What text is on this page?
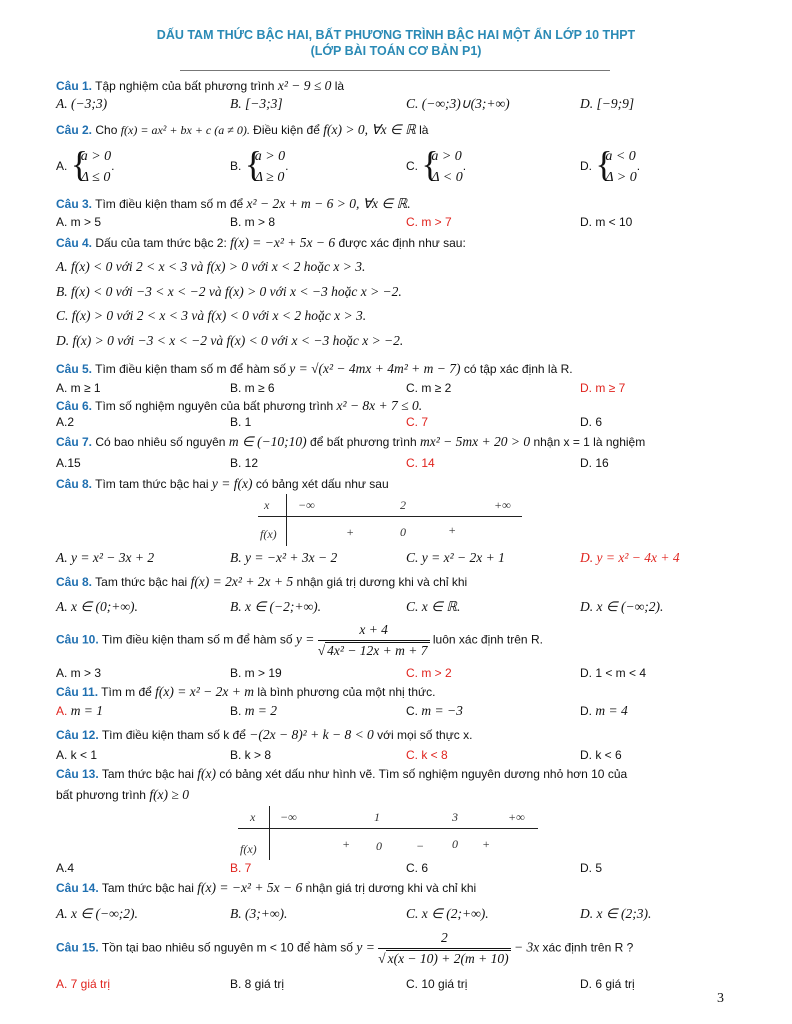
DẤU TAM THỨC BẬC HAI, BẤT PHƯƠNG TRÌNH BẬC HAI MỘT ẨN LỚP 10 THPT
(LỚP BÀI TOÁN CƠ BẢN P1)
Câu 1. Tập nghiệm của bất phương trình x² − 9 ≤ 0 là
A. (−3;3)	B. [−3;3]	C. (−∞;3)∪(3;+∞)	D. [−9;9]
Câu 2. Cho f(x) = ax² + bx + c (a ≠ 0). Điều kiện để f(x) > 0, ∀x ∈ ℝ là
A.
{ a > 0
Δ ≤ 0
.	B.
{ a > 0
Δ ≥ 0
.	C.
{ a > 0
Δ < 0
.	D.
{ a < 0
Δ > 0
.
Câu 3. Tìm điều kiện tham số m để x² − 2x + m − 6 > 0, ∀x ∈ ℝ.
A. m > 5	B. m > 8	C. m > 7	D. m < 10
Câu 4. Dấu của tam thức bậc 2: f(x) = −x² + 5x − 6 được xác định như sau:
A. f(x) < 0 với 2 < x < 3 và f(x) > 0 với x < 2 hoặc x > 3.
B. f(x) < 0 với −3 < x < −2 và f(x) > 0 với x < −3 hoặc x > −2.
C. f(x) > 0 với 2 < x < 3 và f(x) < 0 với x < 2 hoặc x > 3.
D. f(x) > 0 với −3 < x < −2 và f(x) < 0 với x < −3 hoặc x > −2.
Câu 5. Tìm điều kiện tham số m để hàm số y = √(x² − 4mx + 4m² + m − 7) có tập xác định là R.
A. m ≥ 1	B. m ≥ 6	C. m ≥ 2	D. m ≥ 7
Câu 6. Tìm số nghiệm nguyên của bất phương trình x² − 8x + 7 ≤ 0.
A.2	B. 1	C. 7	D. 6
Câu 7. Có bao nhiêu số nguyên m ∈ (−10;10) để bất phương trình mx² − 5mx + 20 > 0 nhận x = 1 là nghiệm
A.15	B. 12	C. 14	D. 16
Câu 8. Tìm tam thức bậc hai y = f(x) có bảng xét dấu như sau
x −∞	2	+∞
f(x)	+	0	+
A. y = x² − 3x + 2	B. y = −x² + 3x − 2	C. y = x² − 2x + 1	D. y = x² − 4x + 4
Câu 8. Tam thức bậc hai f(x) = 2x² + 2x + 5 nhận giá trị dương khi và chỉ khi
A. x ∈ (0;+∞).	B. x ∈ (−2;+∞).	C. x ∈ ℝ.	D. x ∈ (−∞;2).
Câu 10. Tìm điều kiện tham số m để hàm số $y = \frac{x + 4}{\text{√ 4x² − 12x + m + 7}}$ luôn xác định trên R.
A. m > 3	B. m > 19	C. m > 2	D. 1 < m < 4
Câu 11. Tìm m để f(x) = x² − 2x + m là bình phương của một nhị thức.
A. m = 1	B. m = 2	C. m = −3	D. m = 4
Câu 12. Tìm điều kiện tham số k để −(2x − 8)² + k − 8 < 0 với mọi số thực x.
A. k < 1	B. k > 8	C. k < 8	D. k < 6
Câu 13. Tam thức bậc hai f(x) có bảng xét dấu như hình vẽ. Tìm số nghiệm nguyên dương nhỏ hơn 10 của
bất phương trình f(x) ≥ 0
x −∞	1	3	+∞
f(x)	+ 0	− 0 +
A.4	B. 7	C. 6	D. 5
Câu 14. Tam thức bậc hai f(x) = −x² + 5x − 6 nhận giá trị dương khi và chỉ khi
A. x ∈ (−∞;2).	B. (3;+∞).	C. x ∈ (2;+∞).	D. x ∈ (2;3).
Câu 15. Tồn tại bao nhiêu số nguyên m < 10 để hàm số $y = \frac{2}{√ x(x - 10) + 2(m + 10)} - 3x$ xác định trên R ?
A. 7 giá trị	B. 8 giá trị	C. 10 giá trị	D. 6 giá trị
3
